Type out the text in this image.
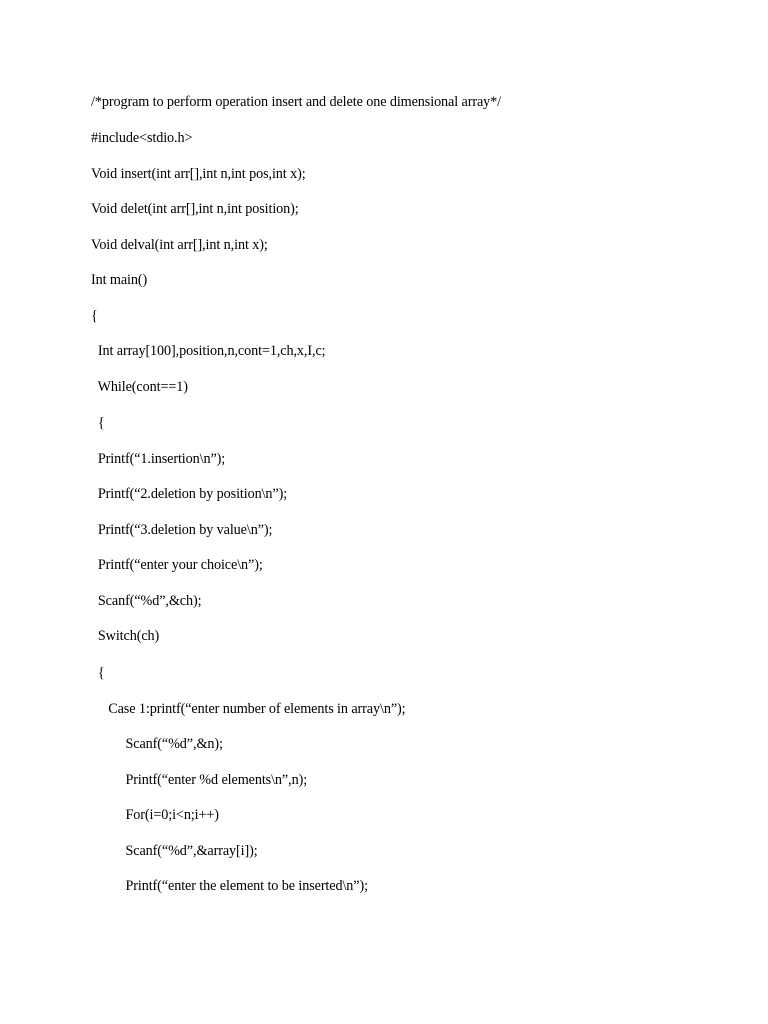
/*program to perform operation insert and delete one dimensional array*/
#include<stdio.h>
Void insert(int arr[],int n,int pos,int x);
Void delet(int arr[],int n,int position);
Void delval(int arr[],int n,int x);
Int main()
{
Int array[100],position,n,cont=1,ch,x,I,c;
While(cont==1)
{
Printf(“1.insertion\n”);
Printf(“2.deletion by position\n”);
Printf(“3.deletion by value\n”);
Printf(“enter your choice\n”);
Scanf(“%d”,&ch);
Switch(ch)
{
Case 1:printf(“enter number of elements in array\n”);
Scanf(“%d”,&n);
Printf(“enter %d elements\n”,n);
For(i=0;i<n;i++)
Scanf(“%d”,&array[i]);
Printf(“enter the element to be inserted\n”);
